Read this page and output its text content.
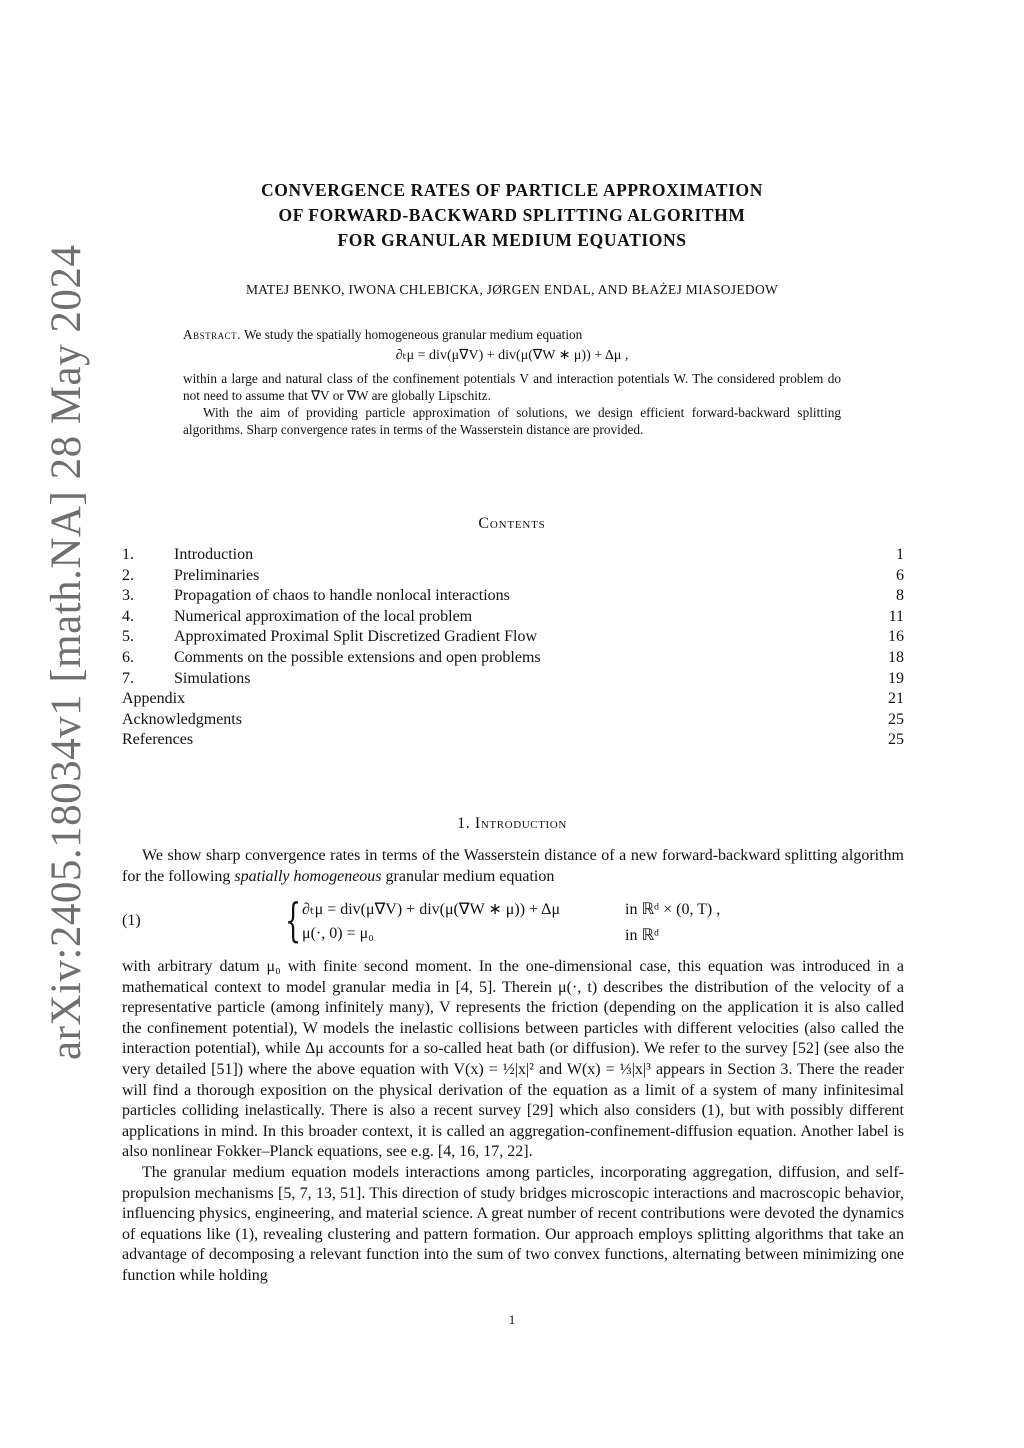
arXiv:2405.18034v1 [math.NA] 28 May 2024
CONVERGENCE RATES OF PARTICLE APPROXIMATION
OF FORWARD-BACKWARD SPLITTING ALGORITHM
FOR GRANULAR MEDIUM EQUATIONS
MATEJ BENKO, IWONA CHLEBICKA, JØRGEN ENDAL, AND BŁAŻEJ MIASOJEDOW

Abstract. We study the spatially homogeneous granular medium equation

∂ₜμ = div(μ∇V) + div(μ(∇W ∗ μ)) + Δμ ,

within a large and natural class of the confinement potentials V and interaction potentials W. The considered problem do not need to assume that ∇V or ∇W are globally Lipschitz.

With the aim of providing particle approximation of solutions, we design efficient forward-backward splitting algorithms. Sharp convergence rates in terms of the Wasserstein distance are provided.

Contents
1.	Introduction	1
2.	Preliminaries	6
3.	Propagation of chaos to handle nonlocal interactions	8
4.	Numerical approximation of the local problem	11
5.	Approximated Proximal Split Discretized Gradient Flow	16
6.	Comments on the possible extensions and open problems	18
7.	Simulations	19
Appendix	21
Acknowledgments	25
References	25
1. Introduction

We show sharp convergence rates in terms of the Wasserstein distance of a new forward-backward splitting algorithm for the following spatially homogeneous granular medium equation

(1)	{ ∂ₜμ = div(μ∇V) + div(μ(∇W ∗ μ)) + Δμ	in ℝᵈ × (0, T) ,
μ(·, 0) = μ₀	in ℝᵈ

with arbitrary datum μ₀ with finite second moment. In the one-dimensional case, this equation was introduced in a mathematical context to model granular media in [4, 5]. Therein μ(·, t) describes the distribution of the velocity of a representative particle (among infinitely many), V represents the friction (depending on the application it is also called the confinement potential), W models the inelastic collisions between particles with different velocities (also called the interaction potential), while Δμ accounts for a so-called heat bath (or diffusion). We refer to the survey [52] (see also the very detailed [51]) where the above equation with V(x) = ½|x|² and W(x) = ⅓|x|³ appears in Section 3. There the reader will find a thorough exposition on the physical derivation of the equation as a limit of a system of many infinitesimal particles colliding inelastically. There is also a recent survey [29] which also considers (1), but with possibly different applications in mind. In this broader context, it is called an aggregation-confinement-diffusion equation. Another label is also nonlinear Fokker–Planck equations, see e.g. [4, 16, 17, 22].

The granular medium equation models interactions among particles, incorporating aggregation, diffusion, and self-propulsion mechanisms [5, 7, 13, 51]. This direction of study bridges microscopic interactions and macroscopic behavior, influencing physics, engineering, and material science. A great number of recent contributions were devoted the dynamics of equations like (1), revealing clustering and pattern formation. Our approach employs splitting algorithms that take an advantage of decomposing a relevant function into the sum of two convex functions, alternating between minimizing one function while holding

1
